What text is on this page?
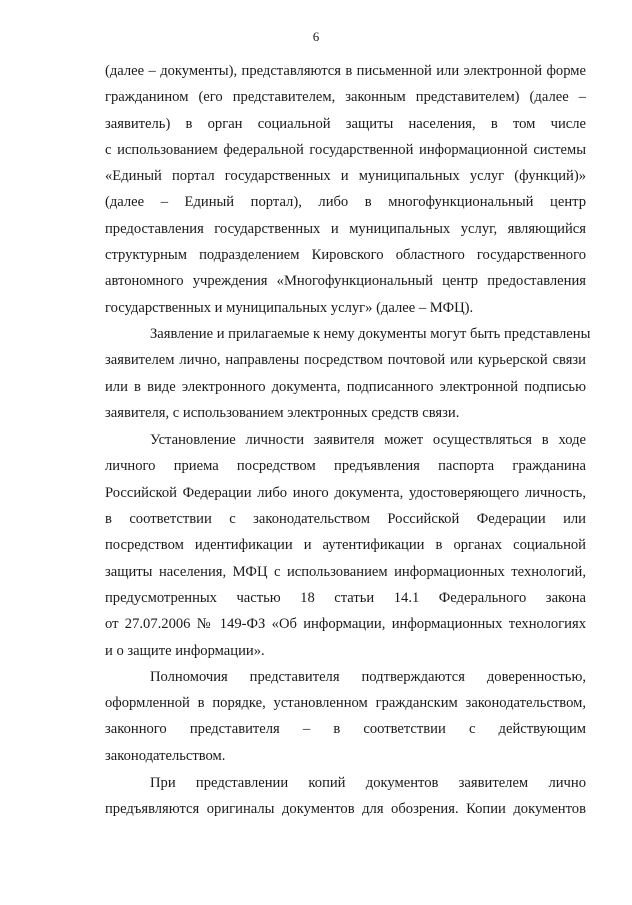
6
(далее – документы), представляются в письменной или электронной форме
гражданином (его представителем, законным представителем) (далее –
заявитель) в орган социальной защиты населения, в том числе
с использованием федеральной государственной информационной системы
«Единый портал государственных и муниципальных услуг (функций)»
(далее – Единый портал), либо в многофункциональный центр
предоставления государственных и муниципальных услуг, являющийся
структурным подразделением Кировского областного государственного
автономного учреждения «Многофункциональный центр предоставления
государственных и муниципальных услуг» (далее – МФЦ).
Заявление и прилагаемые к нему документы могут быть представлены
заявителем лично, направлены посредством почтовой или курьерской связи
или в виде электронного документа, подписанного электронной подписью
заявителя, с использованием электронных средств связи.
Установление личности заявителя может осуществляться в ходе
личного приема посредством предъявления паспорта гражданина
Российской Федерации либо иного документа, удостоверяющего личность,
в соответствии с законодательством Российской Федерации или
посредством идентификации и аутентификации в органах социальной
защиты населения, МФЦ с использованием информационных технологий,
предусмотренных частью 18 статьи 14.1 Федерального закона
от 27.07.2006 № 149-ФЗ «Об информации, информационных технологиях
и о защите информации».
Полномочия представителя подтверждаются доверенностью,
оформленной в порядке, установленном гражданским законодательством,
законного представителя – в соответствии с действующим
законодательством.
При представлении копий документов заявителем лично
предъявляются оригиналы документов для обозрения. Копии документов
